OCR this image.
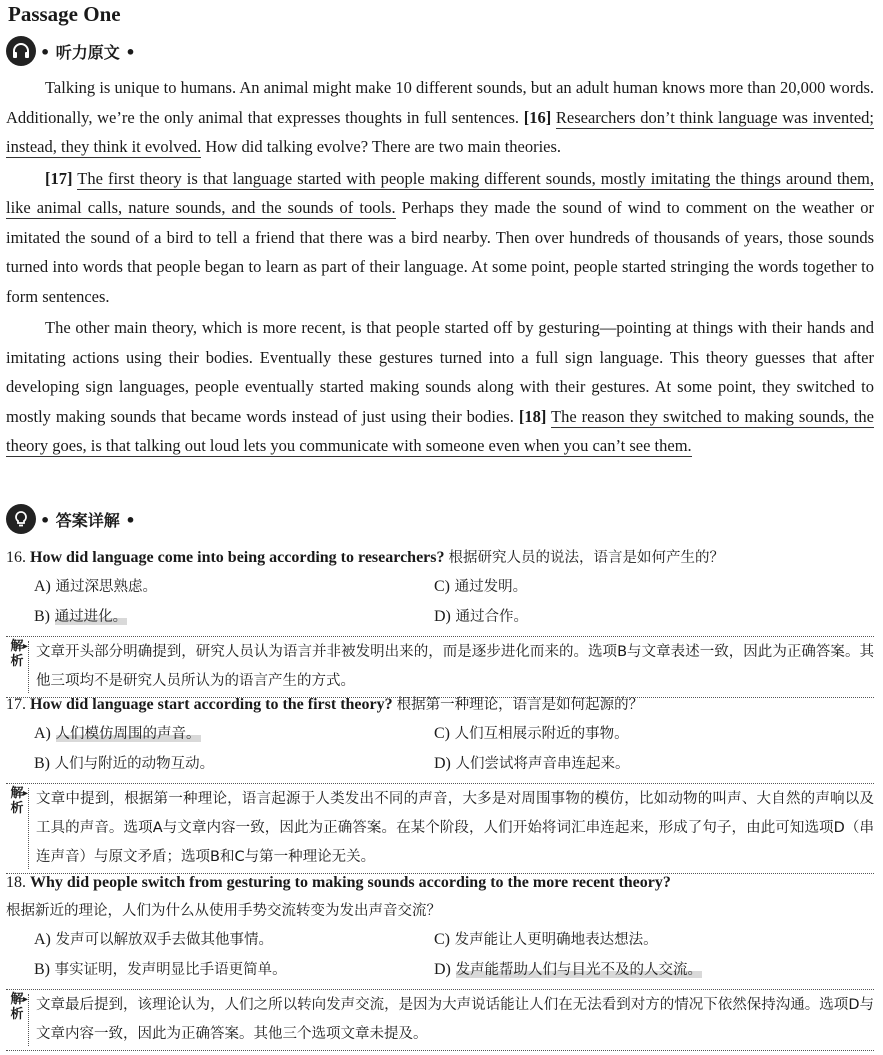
Passage One
• 听力原文 •

Talking is unique to humans. An animal might make 10 different sounds, but an adult human knows more than 20,000 words. Additionally, we’re the only animal that expresses thoughts in full sentences. [16] Researchers don’t think language was invented; instead, they think it evolved. How did talking evolve? There are two main theories.

[17] The first theory is that language started with people making different sounds, mostly imitating the things around them, like animal calls, nature sounds, and the sounds of tools. Perhaps they made the sound of wind to comment on the weather or imitated the sound of a bird to tell a friend that there was a bird nearby. Then over hundreds of thousands of years, those sounds turned into words that people began to learn as part of their language. At some point, people started stringing the words together to form sentences.

The other main theory, which is more recent, is that people started off by gesturing—pointing at things with their hands and imitating actions using their bodies. Eventually these gestures turned into a full sign language. This theory guesses that after developing sign languages, people eventually started making sounds along with their gestures. At some point, they switched to mostly making sounds that became words instead of just using their bodies. [18] The reason they switched to making sounds, the theory goes, is that talking out loud lets you communicate with someone even when you can’t see them.

• 答案详解 •
16. How did language come into being according to researchers? 根据研究人员的说法，语言是如何产生的？
A) 通过深思熟虑。	C) 通过发明。
B) 通过进化。	D) 通过合作。
解 ▸

析
文章开头部分明确提到，研究人员认为语言并非被发明出来的，而是逐步进化而来的。选项B与文章表述一致，因此为正确答案。其他三项均不是研究人员所认为的语言产生的方式。
17. How did language start according to the first theory? 根据第一种理论，语言是如何起源的？
A) 人们模仿周围的声音。	C) 人们互相展示附近的事物。
B) 人们与附近的动物互动。	D) 人们尝试将声音串连起来。
解 ▸

析
文章中提到，根据第一种理论，语言起源于人类发出不同的声音，大多是对周围事物的模仿，比如动物的叫声、大自然的声响以及工具的声音。选项A与文章内容一致，因此为正确答案。在某个阶段，人们开始将词汇串连起来，形成了句子，由此可知选项D（串连声音）与原文矛盾；选项B和C与第一种理论无关。
18. Why did people switch from gesturing to making sounds according to the more recent theory?
根据新近的理论，人们为什么从使用手势交流转变为发出声音交流？
A) 发声可以解放双手去做其他事情。	C) 发声能让人更明确地表达想法。
B) 事实证明，发声明显比手语更简单。	D) 发声能帮助人们与目光不及的人交流。
解 ▸

析
文章最后提到，该理论认为，人们之所以转向发声交流，是因为大声说话能让人们在无法看到对方的情况下依然保持沟通。选项D与文章内容一致，因此为正确答案。其他三个选项文章未提及。
